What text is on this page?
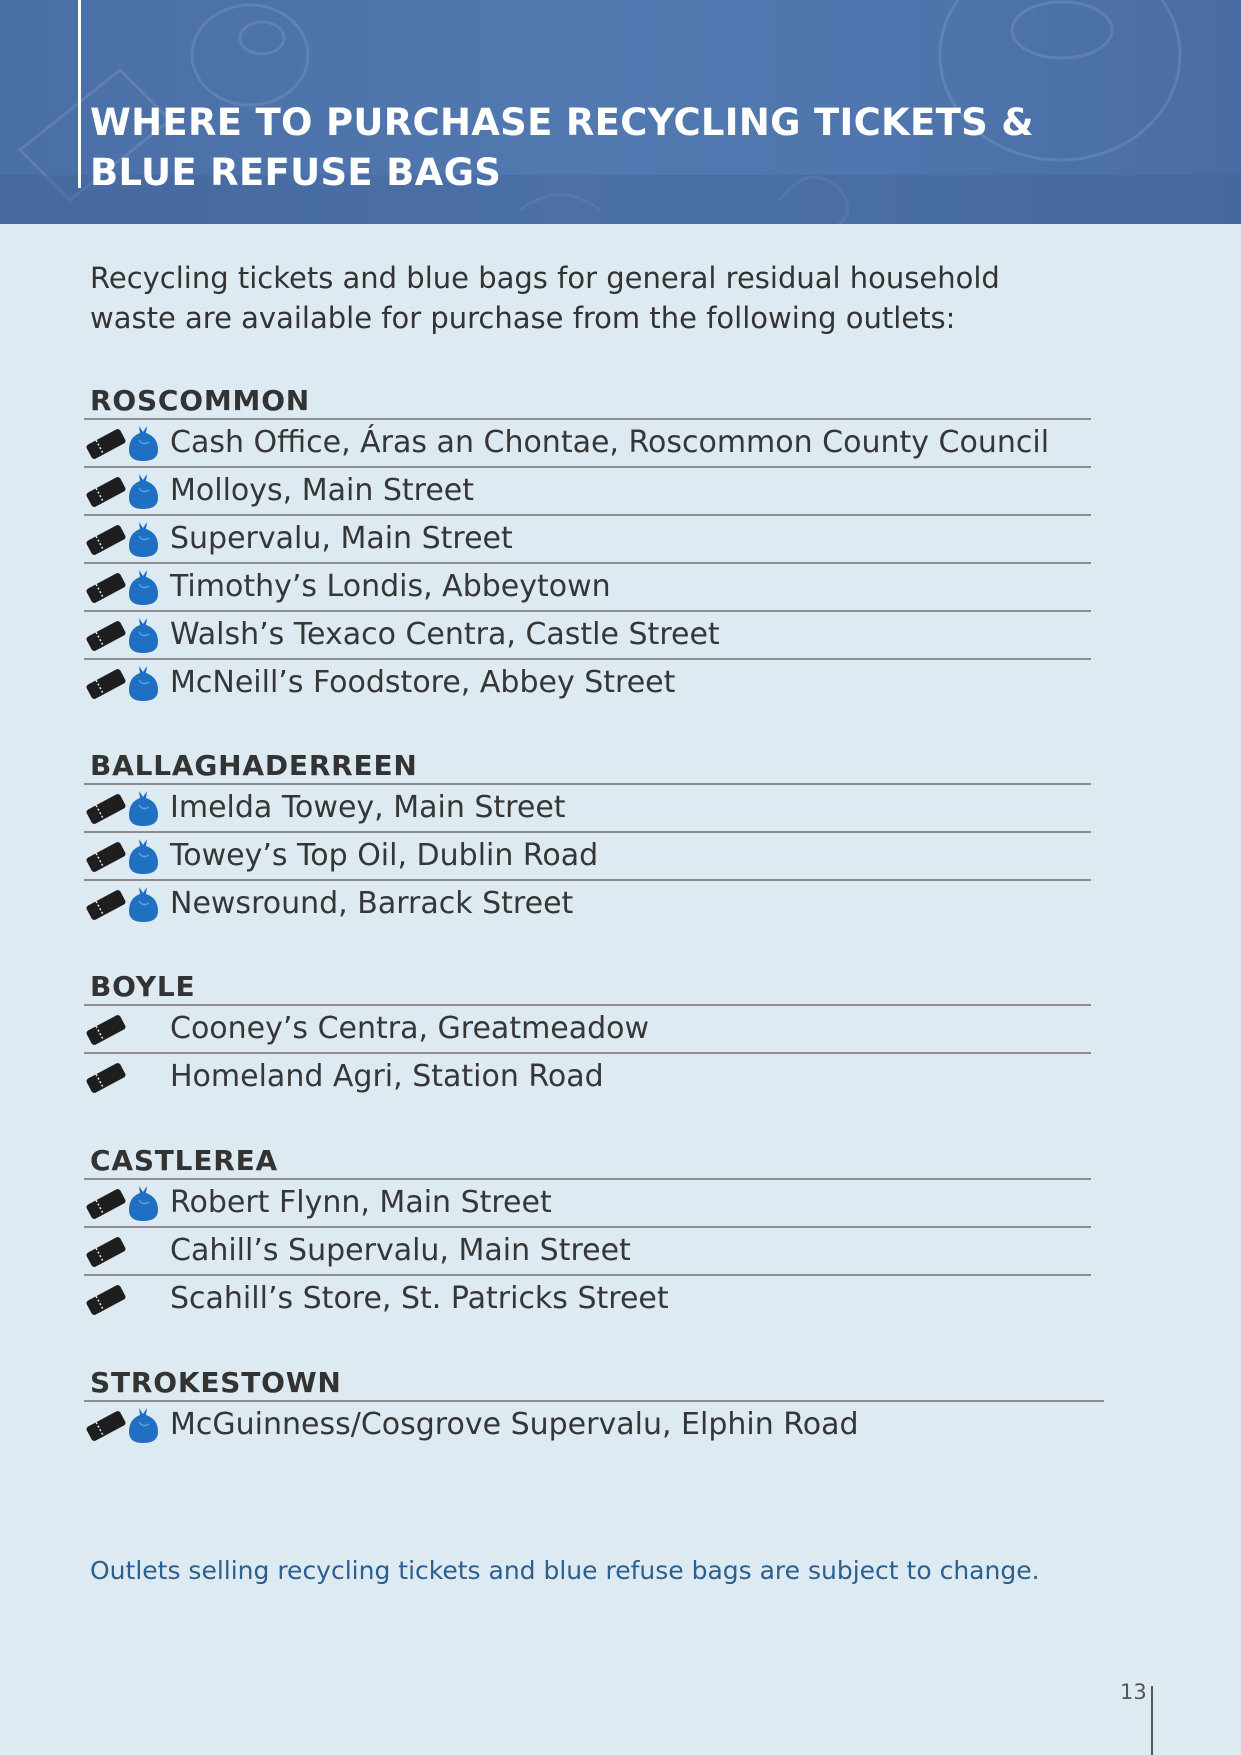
WHERE TO PURCHASE RECYCLING TICKETS &
BLUE REFUSE BAGS

Recycling tickets and blue bags for general residual household
waste are available for purchase from the following outlets:

ROSCOMMON
Cash Office, Áras an Chontae, Roscommon County Council
Molloys, Main Street
Supervalu, Main Street
Timothy’s Londis, Abbeytown
Walsh’s Texaco Centra, Castle Street
McNeill’s Foodstore, Abbey Street
BALLAGHADERREEN
Imelda Towey, Main Street
Towey’s Top Oil, Dublin Road
Newsround, Barrack Street
BOYLE
Cooney’s Centra, Greatmeadow
Homeland Agri, Station Road
CASTLEREA
Robert Flynn, Main Street
Cahill’s Supervalu, Main Street
Scahill’s Store, St. Patricks Street
STROKESTOWN
McGuinness/Cosgrove Supervalu, Elphin Road

Outlets selling recycling tickets and blue refuse bags are subject to change.

13
